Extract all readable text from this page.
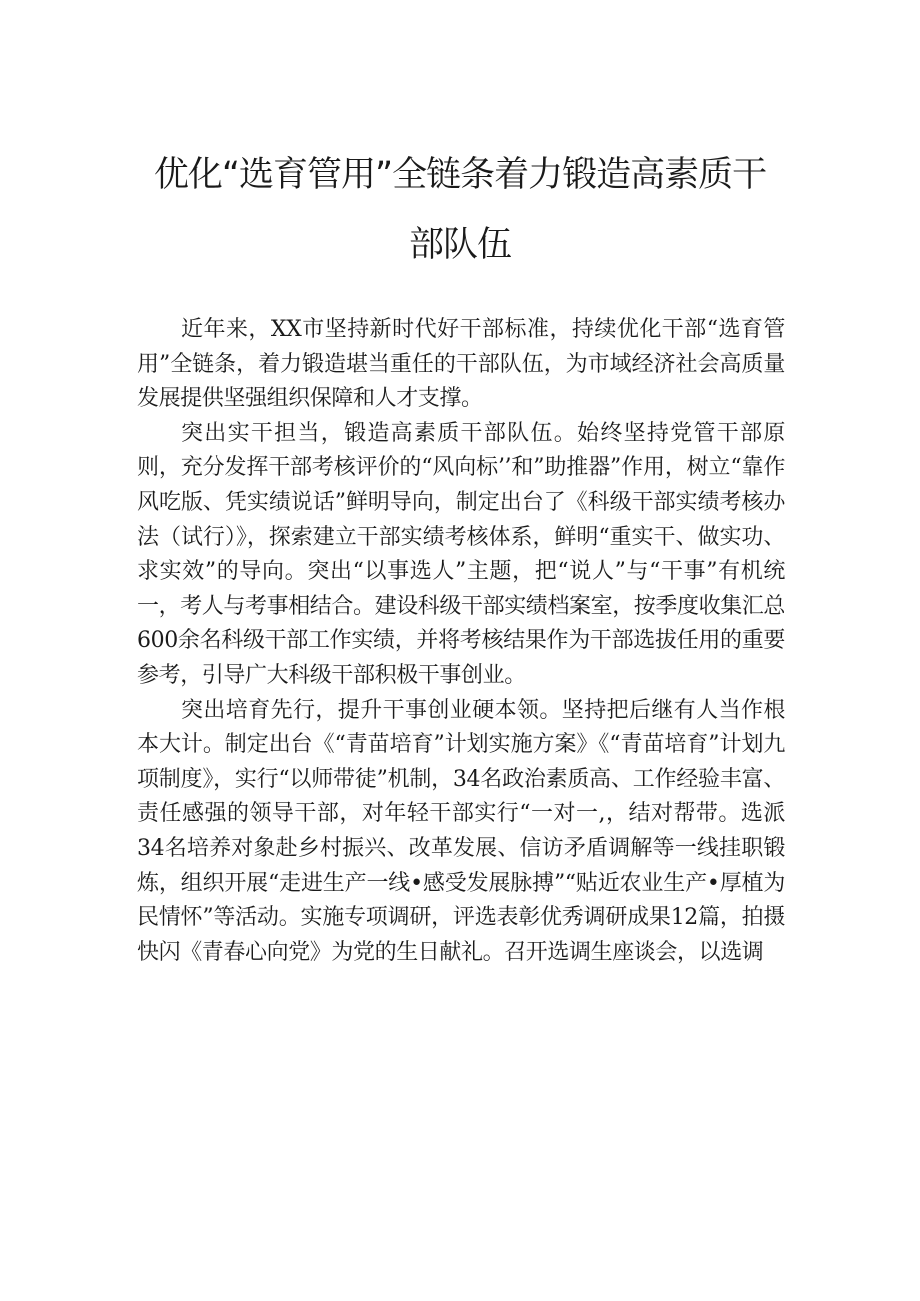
优化“选育管用”全链条着力锻造高素质干部队伍

近年来，XX市坚持新时代好干部标准，持续优化干部“选育管用”全链条，着力锻造堪当重任的干部队伍，为市域经济社会高质量发展提供坚强组织保障和人才支撑。

突出实干担当，锻造高素质干部队伍。始终坚持党管干部原则，充分发挥干部考核评价的“风向标’’和”助推器”作用，树立“靠作风吃版、凭实绩说话”鲜明导向，制定出台了《科级干部实绩考核办法（试行）》，探索建立干部实绩考核体系，鲜明“重实干、做实功、求实效”的导向。突出“以事选人”主题，把“说人”与“干事”有机统一，考人与考事相结合。建设科级干部实绩档案室，按季度收集汇总600余名科级干部工作实绩，并将考核结果作为干部选拔任用的重要参考，引导广大科级干部积极干事创业。

突出培育先行，提升干事创业硬本领。坚持把后继有人当作根本大计。制定出台《“青苗培育”计划实施方案》《“青苗培育”计划九项制度》，实行“以师带徒”机制，34名政治素质高、工作经验丰富、责任感强的领导干部，对年轻干部实行“一对一,，结对帮带。选派34名培养对象赴乡村振兴、改革发展、信访矛盾调解等一线挂职锻炼，组织开展“走进生产一线•感受发展脉搏”“贴近农业生产•厚植为民情怀”等活动。实施专项调研，评选表彰优秀调研成果12篇，拍摄快闪《青春心向党》为党的生日献礼。召开选调生座谈会，以选调
